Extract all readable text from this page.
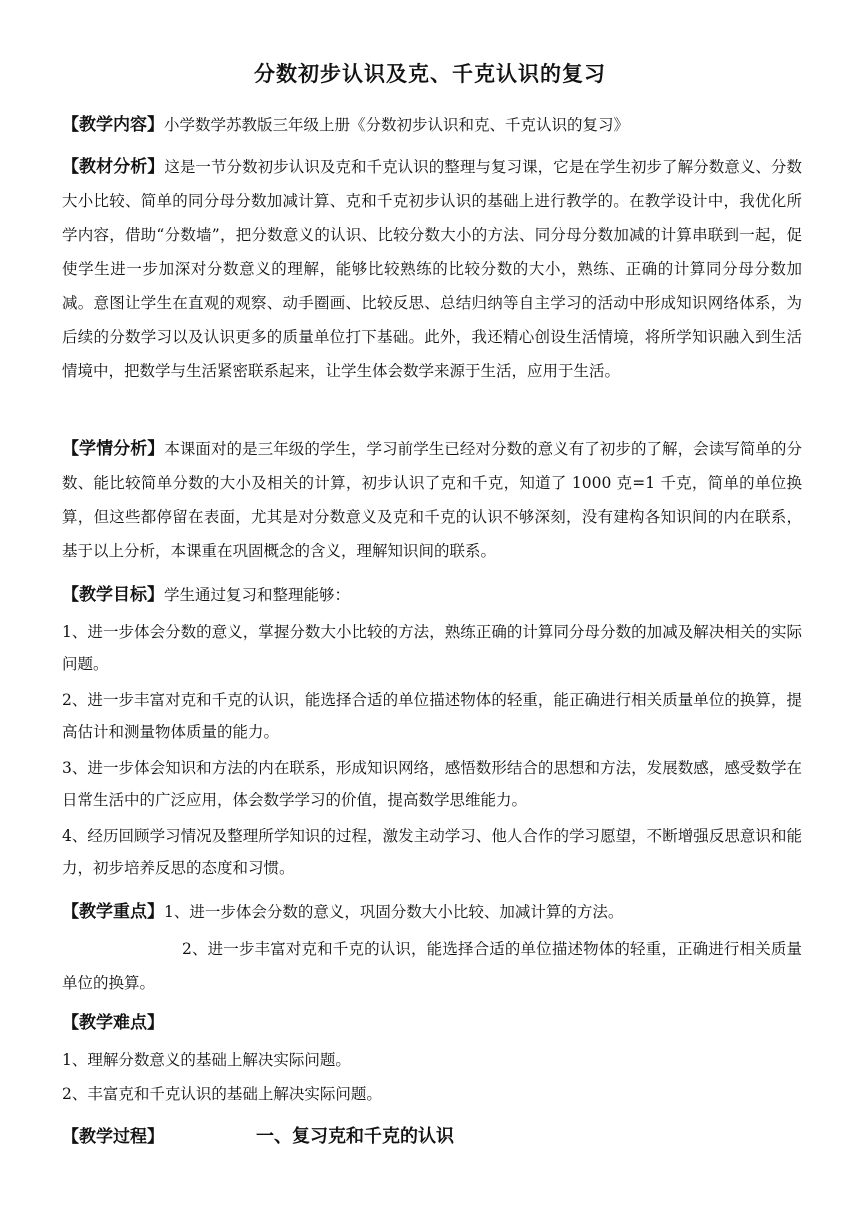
分数初步认识及克、千克认识的复习

【教学内容】小学数学苏教版三年级上册《分数初步认识和克、千克认识的复习》

【教材分析】这是一节分数初步认识及克和千克认识的整理与复习课，它是在学生初步了解分数意义、分数大小比较、简单的同分母分数加减计算、克和千克初步认识的基础上进行教学的。在教学设计中，我优化所学内容，借助“分数墙”，把分数意义的认识、比较分数大小的方法、同分母分数加减的计算串联到一起，促使学生进一步加深对分数意义的理解，能够比较熟练的比较分数的大小，熟练、正确的计算同分母分数加减。意图让学生在直观的观察、动手圈画、比较反思、总结归纳等自主学习的活动中形成知识网络体系，为后续的分数学习以及认识更多的质量单位打下基础。此外，我还精心创设生活情境，将所学知识融入到生活情境中，把数学与生活紧密联系起来，让学生体会数学来源于生活，应用于生活。

【学情分析】本课面对的是三年级的学生，学习前学生已经对分数的意义有了初步的了解，会读写简单的分数、能比较简单分数的大小及相关的计算，初步认识了克和千克，知道了 1000 克=1 千克，简单的单位换算，但这些都停留在表面，尤其是对分数意义及克和千克的认识不够深刻，没有建构各知识间的内在联系，基于以上分析，本课重在巩固概念的含义，理解知识间的联系。

【教学目标】学生通过复习和整理能够：

1、进一步体会分数的意义，掌握分数大小比较的方法，熟练正确的计算同分母分数的加减及解决相关的实际问题。

2、进一步丰富对克和千克的认识，能选择合适的单位描述物体的轻重，能正确进行相关质量单位的换算，提高估计和测量物体质量的能力。

3、进一步体会知识和方法的内在联系，形成知识网络，感悟数形结合的思想和方法，发展数感，感受数学在日常生活中的广泛应用，体会数学学习的价值，提高数学思维能力。

4、经历回顾学习情况及整理所学知识的过程，激发主动学习、他人合作的学习愿望，不断增强反思意识和能力，初步培养反思的态度和习惯。

【教学重点】1、进一步体会分数的意义，巩固分数大小比较、加减计算的方法。

2、进一步丰富对克和千克的认识，能选择合适的单位描述物体的轻重，正确进行相关质量单位的换算。

【教学难点】

1、理解分数意义的基础上解决实际问题。

2、丰富克和千克认识的基础上解决实际问题。

【教学过程】	一、复习克和千克的认识
